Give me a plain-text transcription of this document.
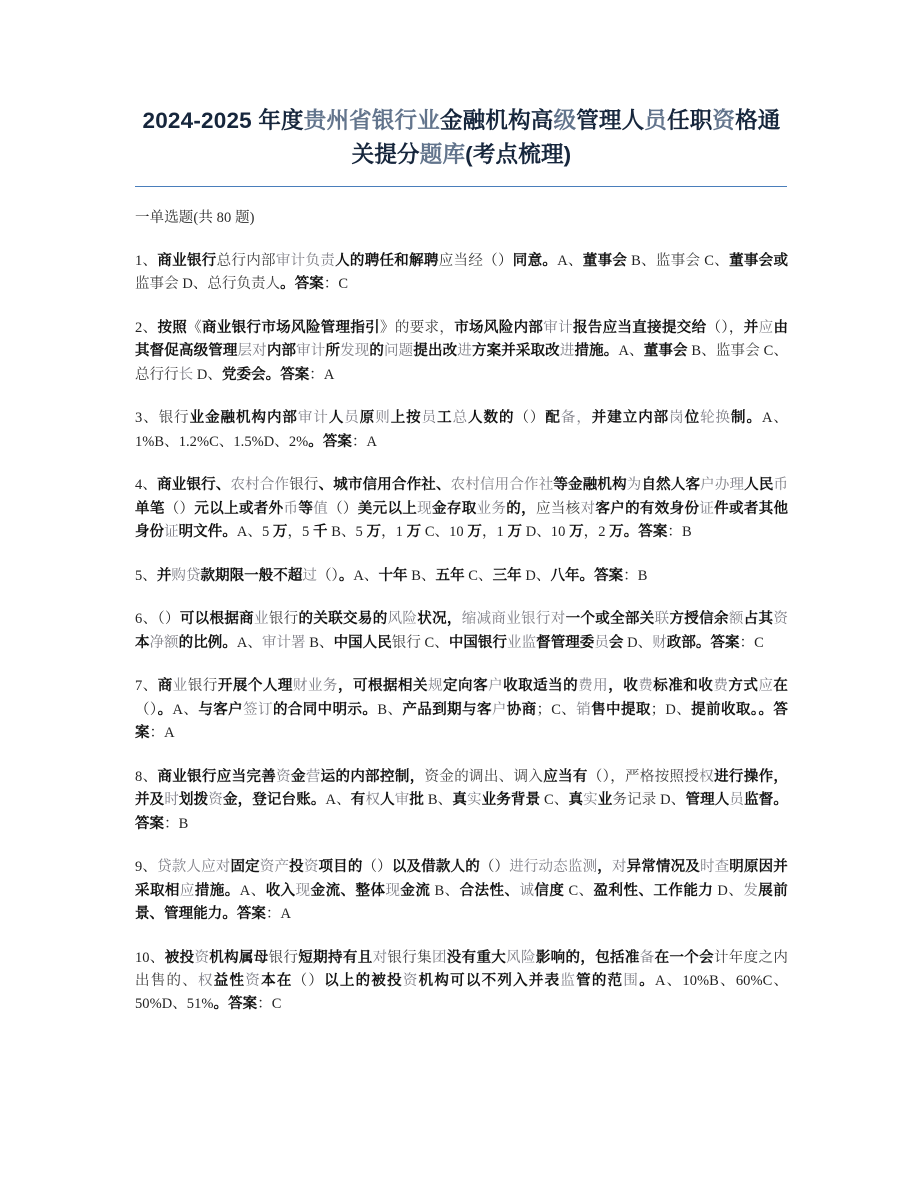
2024-2025 年度贵州省银行业金融机构高级管理人员任职资格通关提分题库(考点梳理)
一单选题(共 80 题)
1、商业银行总行内部审计负责人的聘任和解聘应当经（）同意。A、董事会 B、监事会 C、董事会或监事会 D、总行负责人。答案：C
2、按照《商业银行市场风险管理指引》的要求，市场风险内部审计报告应当直接提交给（），并应由其督促高级管理层对内部审计所发现的问题提出改进方案并采取改进措施。A、董事会 B、监事会 C、总行行长 D、党委会。答案：A
3、银行业金融机构内部审计人员原则上按员工总人数的（）配备，并建立内部岗位轮换制。A、1%B、1.2%C、1.5%D、2%。答案：A
4、商业银行、农村合作银行、城市信用合作社、农村信用合作社等金融机构为自然人客户办理人民币单笔（）元以上或者外币等值（）美元以上现金存取业务的，应当核对客户的有效身份证件或者其他身份证明文件。A、5 万，5 千 B、5 万，1 万 C、10 万，1 万 D、10 万，2 万。答案：B
5、并购贷款期限一般不超过（）。A、十年 B、五年 C、三年 D、八年。答案：B
6、（）可以根据商业银行的关联交易的风险状况，缩减商业银行对一个或全部关联方授信余额占其资本净额的比例。A、审计署 B、中国人民银行 C、中国银行业监督管理委员会 D、财政部。答案：C
7、商业银行开展个人理财业务，可根据相关规定向客户收取适当的费用，收费标准和收费方式应在（）。A、与客户签订的合同中明示。B、产品到期与客户协商；C、销售中提取；D、提前收取。。答案：A
8、商业银行应当完善资金营运的内部控制，资金的调出、调入应当有（），严格按照授权进行操作，并及时划拨资金，登记台账。A、有权人审批 B、真实业务背景 C、真实业务记录 D、管理人员监督。答案：B
9、贷款人应对固定资产投资项目的（）以及借款人的（）进行动态监测，对异常情况及时查明原因并采取相应措施。A、收入现金流、整体现金流 B、合法性、诚信度 C、盈利性、工作能力 D、发展前景、管理能力。答案：A
10、被投资机构属母银行短期持有且对银行集团没有重大风险影响的，包括准备在一个会计年度之内出售的、权益性资本在（）以上的被投资机构可以不列入并表监管的范围。A、10%B、60%C、50%D、51%。答案：C
